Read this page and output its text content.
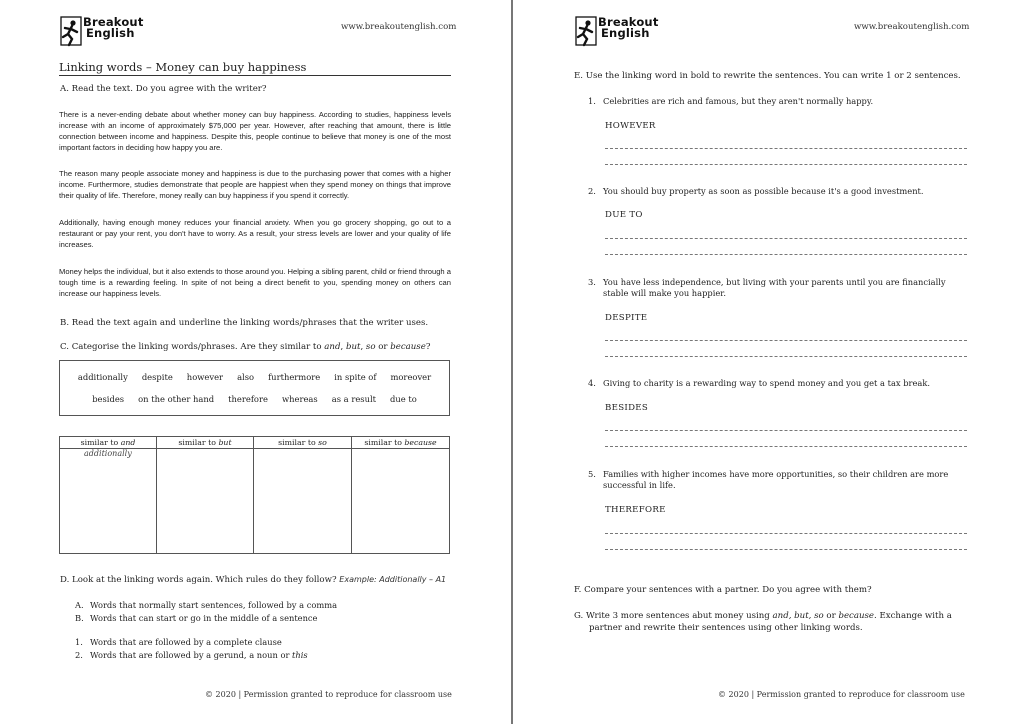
Breakout
English	www.breakoutenglish.com
Linking words – Money can buy happiness
A. Read the text. Do you agree with the writer?
There is a never-ending debate about whether money can buy happiness. According to studies, happiness levels increase with an income of approximately $75,000 per year. However, after reaching that amount, there is little connection between income and happiness. Despite this, people continue to believe that money is one of the most important factors in deciding how happy you are.
The reason many people associate money and happiness is due to the purchasing power that comes with a higher income. Furthermore, studies demonstrate that people are happiest when they spend money on things that improve their quality of life. Therefore, money really can buy happiness if you spend it correctly.
Additionally, having enough money reduces your financial anxiety. When you go grocery shopping, go out to a restaurant or pay your rent, you don't have to worry. As a result, your stress levels are lower and your quality of life increases.
Money helps the individual, but it also extends to those around you. Helping a sibling parent, child or friend through a tough time is a rewarding feeling. In spite of not being a direct benefit to you, spending money on others can increase our happiness levels.
B. Read the text again and underline the linking words/phrases that the writer uses.
C. Categorise the linking words/phrases. Are they similar to and, but, so or because?
additionally despite however also furthermore in spite of moreover
besides on the other hand therefore whereas as a result due to
similar to and	similar to but	similar to so	similar to because
additionally
D. Look at the linking words again. Which rules do they follow? Example: Additionally – A1
A. Words that normally start sentences, followed by a comma
B. Words that can start or go in the middle of a sentence
1. Words that are followed by a complete clause
2. Words that are followed by a gerund, a noun or this
© 2020 | Permission granted to reproduce for classroom use
Breakout
English	www.breakoutenglish.com
E. Use the linking word in bold to rewrite the sentences. You can write 1 or 2 sentences.
1. Celebrities are rich and famous, but they aren't normally happy.
HOWEVER
2. You should buy property as soon as possible because it's a good investment.
DUE TO
3. You have less independence, but living with your parents until you are financially stable will make you happier.
DESPITE
4. Giving to charity is a rewarding way to spend money and you get a tax break.
BESIDES
5. Families with higher incomes have more opportunities, so their children are more successful in life.
THEREFORE
F. Compare your sentences with a partner. Do you agree with them?
G. Write 3 more sentences abut money using and, but, so or because. Exchange with a
partner and rewrite their sentences using other linking words.
© 2020 | Permission granted to reproduce for classroom use
